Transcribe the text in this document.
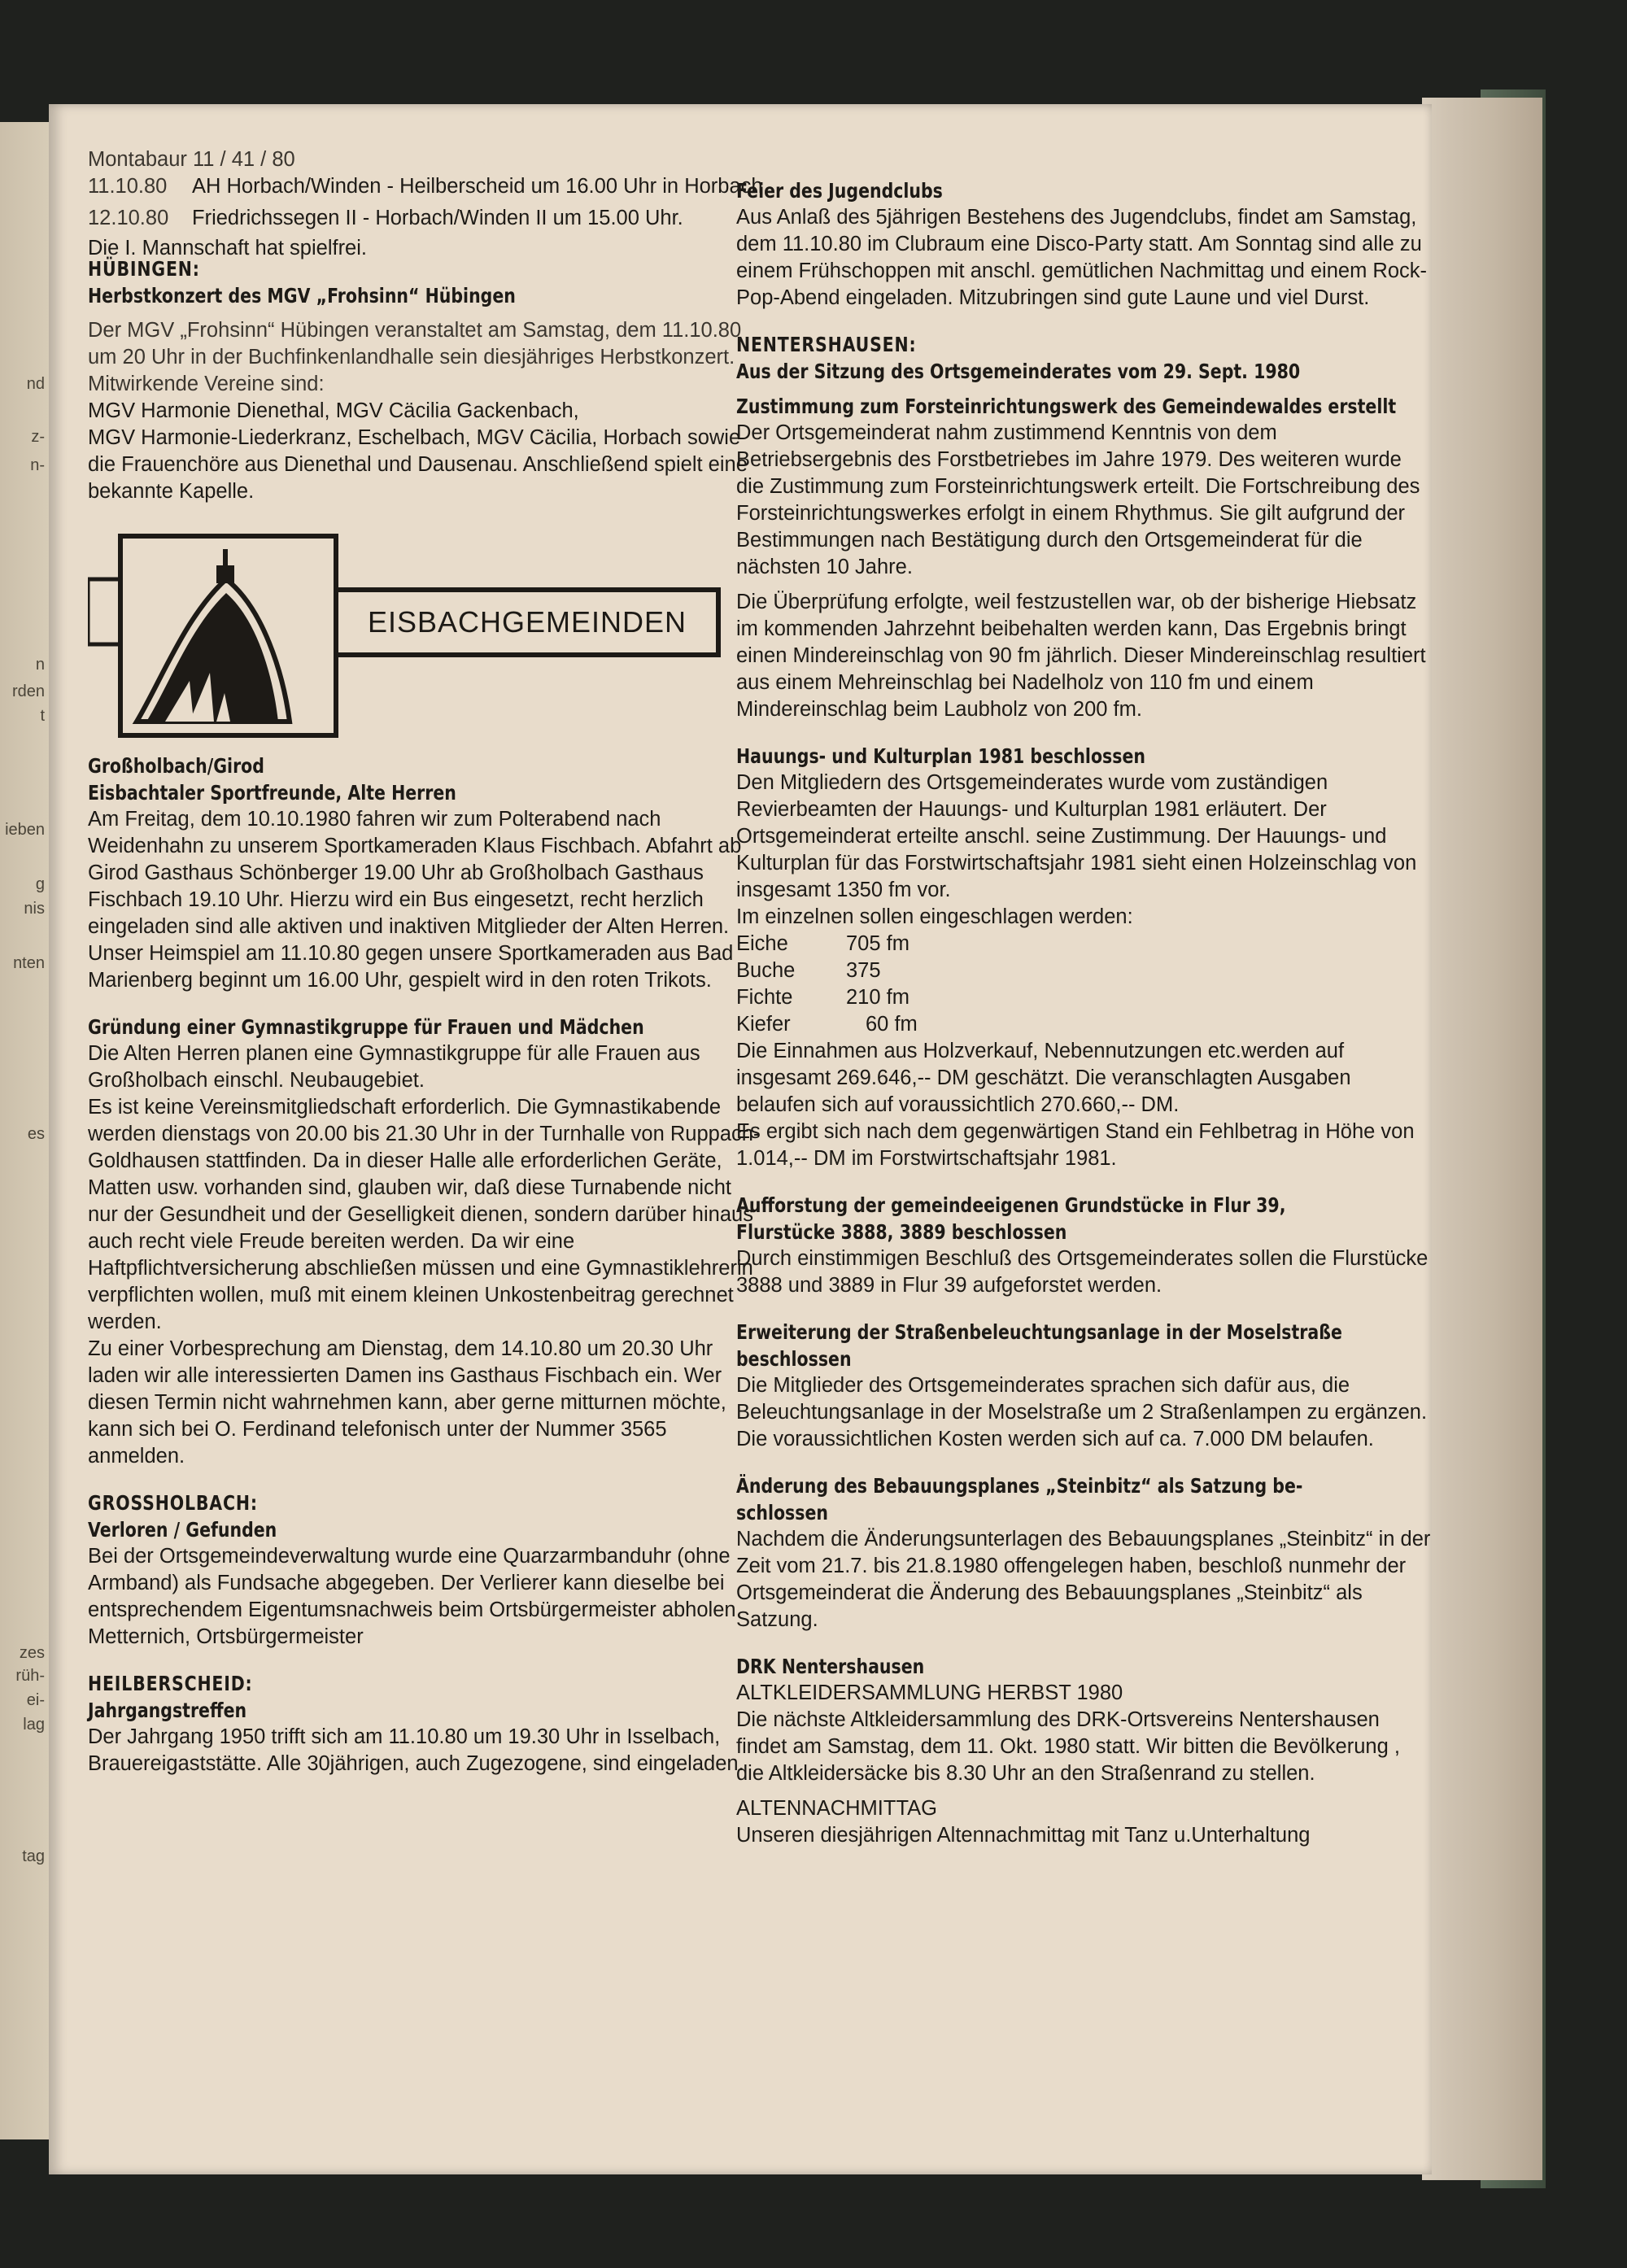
nd
z-
n-
n
rden
t
ieben
g
nis
nten
es
zes
rüh-
ei-
lag
tag

Montabaur 11 / 41 / 80

11.10.80	AH Horbach/Winden - Heilberscheid um 16.00 Uhr in Horbach
12.10.80	Friedrichssegen II - Horbach/Winden II um 15.00 Uhr.

Die I. Mannschaft hat spielfrei.

HÜBINGEN:

Herbstkonzert des MGV „Frohsinn“ Hübingen

Der MGV „Frohsinn“ Hübingen veranstaltet am Samstag, dem 11.10.80 um 20 Uhr in der Buchfinkenlandhalle sein diesjähriges Herbstkonzert.

Mitwirkende Vereine sind:

MGV Harmonie Dienethal, MGV Cäcilia Gackenbach,

MGV Harmonie-Liederkranz, Eschelbach, MGV Cäcilia, Horbach sowie die Frauenchöre aus Dienethal und Dausenau. Anschließend spielt eine bekannte Kapelle.

EISBACHGEMEINDEN

Großholbach/Girod

Eisbachtaler Sportfreunde, Alte Herren

Am Freitag, dem 10.10.1980 fahren wir zum Polterabend nach Weidenhahn zu unserem Sportkameraden Klaus Fischbach. Abfahrt ab Girod Gasthaus Schönberger 19.00 Uhr ab Großholbach Gasthaus Fischbach 19.10 Uhr. Hierzu wird ein Bus eingesetzt, recht herzlich eingeladen sind alle aktiven und inaktiven Mitglieder der Alten Herren.

Unser Heimspiel am 11.10.80 gegen unsere Sportkameraden aus Bad Marienberg beginnt um 16.00 Uhr, gespielt wird in den roten Trikots.

Gründung einer Gymnastikgruppe für Frauen und Mädchen

Die Alten Herren planen eine Gymnastikgruppe für alle Frauen aus Großholbach einschl. Neubaugebiet.

Es ist keine Vereinsmitgliedschaft erforderlich. Die Gymnastikabende werden dienstags von 20.00 bis 21.30 Uhr in der Turnhalle von Ruppach-Goldhausen stattfinden. Da in dieser Halle alle erforderlichen Geräte, Matten usw. vorhanden sind, glauben wir, daß diese Turnabende nicht nur der Gesundheit und der Geselligkeit dienen, sondern darüber hinaus auch recht viele Freude bereiten werden. Da wir eine Haftpflichtversicherung abschließen müssen und eine Gymnastiklehrerin verpflichten wollen, muß mit einem kleinen Unkostenbeitrag gerechnet werden.

Zu einer Vorbesprechung am Dienstag, dem 14.10.80 um 20.30 Uhr laden wir alle interessierten Damen ins Gasthaus Fischbach ein. Wer diesen Termin nicht wahrnehmen kann, aber gerne mitturnen möchte, kann sich bei O. Ferdinand telefonisch unter der Nummer 3565 anmelden.

GROSSHOLBACH:

Verloren / Gefunden

Bei der Ortsgemeindeverwaltung wurde eine Quarzarmbanduhr (ohne Armband) als Fundsache abgegeben. Der Verlierer kann dieselbe bei entsprechendem Eigentumsnachweis beim Ortsbürgermeister abholen.

Metternich, Ortsbürgermeister

HEILBERSCHEID:

Jahrgangstreffen

Der Jahrgang 1950 trifft sich am 11.10.80 um 19.30 Uhr in Isselbach, Brauereigaststätte. Alle 30jährigen, auch Zugezogene, sind eingeladen.

Feier des Jugendclubs

Aus Anlaß des 5jährigen Bestehens des Jugendclubs, findet am Samstag, dem 11.10.80 im Clubraum eine Disco-Party statt. Am Sonntag sind alle zu einem Frühschoppen mit anschl. gemütlichen Nachmittag und einem Rock-Pop-Abend eingeladen. Mitzubringen sind gute Laune und viel Durst.

NENTERSHAUSEN:

Aus der Sitzung des Ortsgemeinderates vom 29. Sept. 1980

Zustimmung zum Forsteinrichtungswerk des Gemeindewaldes erstellt

Der Ortsgemeinderat nahm zustimmend Kenntnis von dem Betriebsergebnis des Forstbetriebes im Jahre 1979. Des weiteren wurde die Zustimmung zum Forsteinrichtungswerk erteilt. Die Fortschreibung des Forsteinrichtungswerkes erfolgt in einem Rhythmus. Sie gilt aufgrund der Bestimmungen nach Bestätigung durch den Ortsgemeinderat für die nächsten 10 Jahre.

Die Überprüfung erfolgte, weil festzustellen war, ob der bisherige Hiebsatz im kommenden Jahrzehnt beibehalten werden kann, Das Ergebnis bringt einen Mindereinschlag von 90 fm jährlich. Dieser Mindereinschlag resultiert aus einem Mehreinschlag bei Nadelholz von 110 fm und einem Mindereinschlag beim Laubholz von 200 fm.

Hauungs- und Kulturplan 1981 beschlossen

Den Mitgliedern des Ortsgemeinderates wurde vom zuständigen Revierbeamten der Hauungs- und Kulturplan 1981 erläutert. Der Ortsgemeinderat erteilte anschl. seine Zustimmung. Der Hauungs- und Kulturplan für das Forstwirtschaftsjahr 1981 sieht einen Holzeinschlag von insgesamt 1350 fm vor.

Im einzelnen sollen eingeschlagen werden:

Eiche	705 fm
Buche	375
Fichte	210 fm
Kiefer	60 fm

Die Einnahmen aus Holzverkauf, Nebennutzungen etc.werden auf insgesamt 269.646,-- DM geschätzt. Die veranschlagten Ausgaben belaufen sich auf voraussichtlich 270.660,-- DM.

Es ergibt sich nach dem gegenwärtigen Stand ein Fehlbetrag in Höhe von 1.014,-- DM im Forstwirtschaftsjahr 1981.

Aufforstung der gemeindeeigenen Grundstücke in Flur 39,

Flurstücke 3888, 3889 beschlossen

Durch einstimmigen Beschluß des Ortsgemeinderates sollen die Flurstücke 3888 und 3889 in Flur 39 aufgeforstet werden.

Erweiterung der Straßenbeleuchtungsanlage in der Moselstraße

beschlossen

Die Mitglieder des Ortsgemeinderates sprachen sich dafür aus, die Beleuchtungsanlage in der Moselstraße um 2 Straßenlampen zu ergänzen. Die voraussichtlichen Kosten werden sich auf ca. 7.000 DM belaufen.

Änderung des Bebauungsplanes „Steinbitz“ als Satzung be-

schlossen

Nachdem die Änderungsunterlagen des Bebauungsplanes „Steinbitz“ in der Zeit vom 21.7. bis 21.8.1980 offengelegen haben, beschloß nunmehr der Ortsgemeinderat die Änderung des Bebauungsplanes „Steinbitz“ als Satzung.

DRK Nentershausen

ALTKLEIDERSAMMLUNG HERBST 1980

Die nächste Altkleidersammlung des DRK-Ortsvereins Nentershausen findet am Samstag, dem 11. Okt. 1980 statt. Wir bitten die Bevölkerung , die Altkleidersäcke bis 8.30 Uhr an den Straßenrand zu stellen.

ALTENNACHMITTAG

Unseren diesjährigen Altennachmittag mit Tanz u.Unterhaltung
